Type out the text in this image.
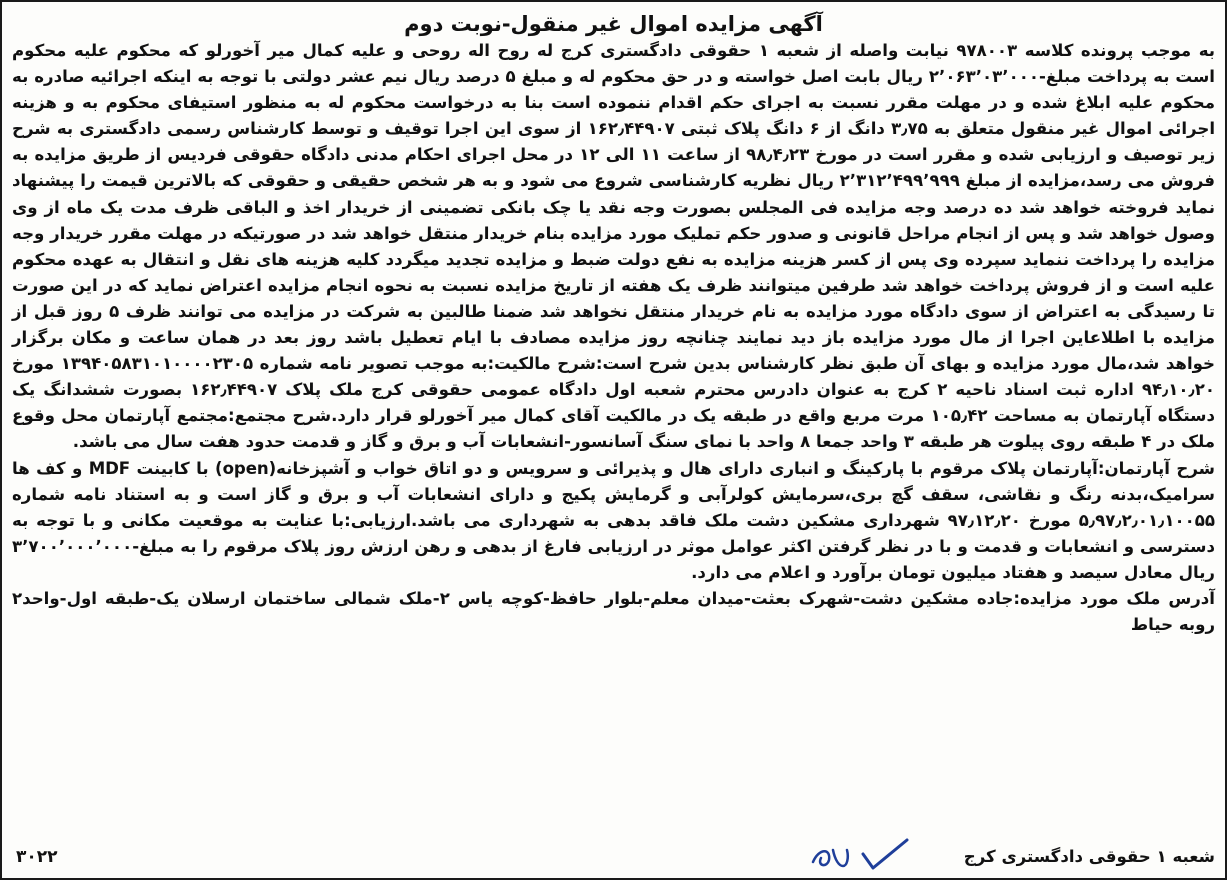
آگهی مزایده اموال غیر منقول-نوبت دوم

به موجب پرونده کلاسه ۹۷۸۰۰۳ نیابت واصله از شعبه ۱ حقوقی دادگستری کرج له روح اله روحی و علیه کمال میر آخورلو که محکوم علیه محکوم است به پرداخت مبلغ-۲٬۰۶۳٬۰۳٬۰۰۰ ریال بابت اصل خواسته و در حق محکوم له و مبلغ ۵ درصد ریال نیم عشر دولتی با توجه به اینکه اجرائیه صادره به محکوم علیه ابلاغ شده و در مهلت مقرر نسبت به اجرای حکم اقدام ننموده است بنا به درخواست محکوم له به منظور استیفای محکوم به و هزینه اجرائی اموال غیر منقول متعلق به ۳٫۷۵ دانگ از ۶ دانگ پلاک ثبتی ۱۶۲٫۴۴۹۰۷ از سوی این اجرا توقیف و توسط کارشناس رسمی دادگستری به شرح زیر توصیف و ارزیابی شده و مقرر است در مورخ ۹۸٫۴٫۲۳ از ساعت ۱۱ الی ۱۲ در محل اجرای احکام مدنی دادگاه حقوقی فردیس از طریق مزایده به فروش می رسد،مزایده از مبلغ ۲٬۳۱۲٬۴۹۹٬۹۹۹ ریال نظریه کارشناسی شروع می شود و به هر شخص حقیقی و حقوقی که بالاترین قیمت را پیشنهاد نماید فروخته خواهد شد ده درصد وجه مزایده فی المجلس بصورت وجه نقد یا چک بانکی تضمینی از خریدار اخذ و الباقی ظرف مدت یک ماه از وی وصول خواهد شد و پس از انجام مراحل قانونی و صدور حکم تملیک مورد مزایده بنام خریدار منتقل خواهد شد در صورتیکه در مهلت مقرر خریدار وجه مزایده را پرداخت ننماید سپرده وی پس از کسر هزینه مزایده به نفع دولت ضبط و مزایده تجدید میگردد کلیه هزینه های نقل و انتقال به عهده محکوم علیه است و از فروش پرداخت خواهد شد طرفین میتوانند ظرف یک هفته از تاریخ مزایده نسبت به نحوه انجام مزایده اعتراض نماید که در این صورت تا رسیدگی به اعتراض از سوی دادگاه مورد مزایده به نام خریدار منتقل نخواهد شد ضمنا طالبین به شرکت در مزایده می توانند ظرف ۵ روز قبل از مزایده با اطلاعاین اجرا از مال مورد مزایده باز دید نمایند چنانچه روز مزایده مصادف با ایام تعطیل باشد روز بعد در همان ساعت و مکان برگزار خواهد شد،مال مورد مزایده و بهای آن طبق نظر کارشناس بدین شرح است:شرح مالکیت:به موجب تصویر نامه شماره ۱۳۹۴۰۵۸۳۱۰۱۰۰۰۰۲۳۰۵ مورخ ۹۴٫۱۰٫۲۰ اداره ثبت اسناد ناحیه ۲ کرج به عنوان دادرس محترم شعبه اول دادگاه عمومی حقوقی کرج ملک پلاک ۱۶۲٫۴۴۹۰۷ بصورت ششدانگ یک دستگاه آپارتمان به مساحت ۱۰۵٫۴۲ مرت مربع واقع در طبقه یک در مالکیت آقای کمال میر آخورلو قرار دارد.شرح مجتمع:مجتمع آپارتمان محل وقوع ملک در ۴ طبقه روی پیلوت هر طبقه ۳ واحد جمعا ۸ واحد با نمای سنگ آسانسور-انشعابات آب و برق و گاز و قدمت حدود هفت سال می باشد.

شرح آپارتمان:آپارتمان پلاک مرقوم با پارکینگ و انباری دارای هال و پذیرائی و سرویس و دو اتاق خواب و آشپزخانه(open) با کابینت MDF و کف ها سرامیک،بدنه رنگ و نقاشی، سقف گچ بری،سرمایش کولرآبی و گرمایش پکیج و دارای انشعابات آب و برق و گاز است و به استناد نامه شماره ۵٫۹۷٫۲٫۰۱٫۱۰۰۵۵ مورخ ۹۷٫۱۲٫۲۰ شهرداری مشکین دشت ملک فاقد بدهی به شهرداری می باشد.ارزیابی:با عنایت به موقعیت مکانی و با توجه به دسترسی و انشعابات و قدمت و با در نظر گرفتن اکثر عوامل موثر در ارزیابی فارغ از بدهی و رهن ارزش روز پلاک مرقوم را به مبلغ-۳٬۷۰۰٬۰۰۰٬۰۰۰ ریال معادل سیصد و هفتاد میلیون تومان برآورد و اعلام می دارد.

آدرس ملک مورد مزایده:جاده مشکین دشت-شهرک بعثت-میدان معلم-بلوار حافظ-کوچه یاس ۲-ملک شمالی ساختمان ارسلان یک-طبقه اول-واحد۲ روبه حیاط

شعبه ۱ حقوقی دادگستری کرج
۳۰۲۲
